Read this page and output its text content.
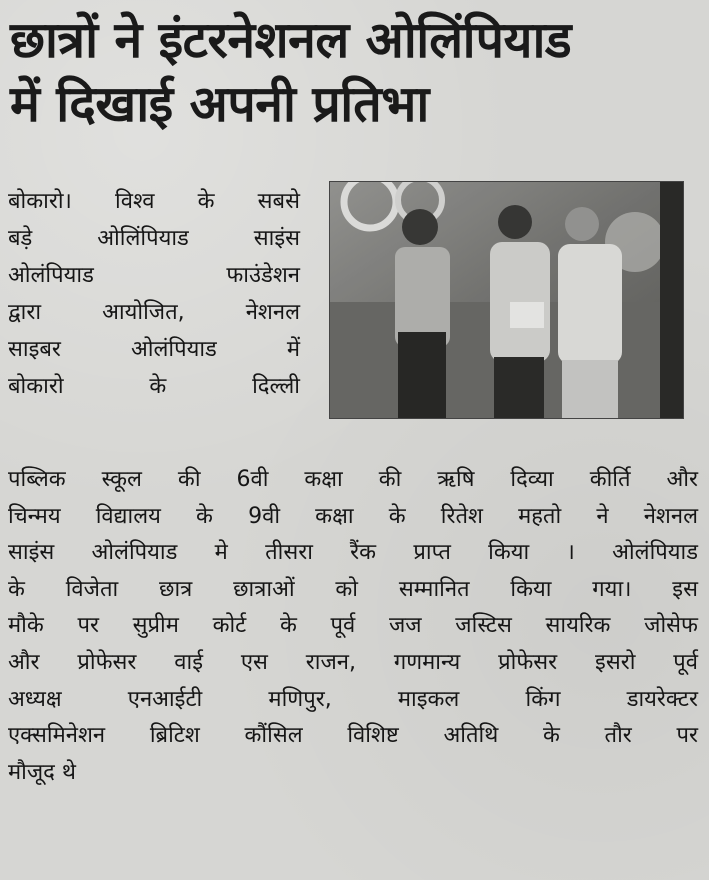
छात्रों ने इंटरनेशनल ओलिंपियाड
में दिखाई अपनी प्रतिभा
बोकारो। विश्व के सबसे
बड़े ओलिंपियाड साइंस
ओलंपियाड फाउंडेशन
द्वारा आयोजित, नेशनल
साइबर ओलंपियाड में
बोकारो के दिल्ली
पब्लिक स्कूल की 6वी कक्षा की ऋषि दिव्या कीर्ति और
चिन्मय विद्यालय के 9वी कक्षा के रितेश महतो ने नेशनल
साइंस ओलंपियाड मे तीसरा रैंक प्राप्त किया । ओलंपियाड
के विजेता छात्र छात्राओं को सम्मानित किया गया। इस
मौके पर सुप्रीम कोर्ट के पूर्व जज जस्टिस सायरिक जोसेफ
और प्रोफेसर वाई एस राजन, गणमान्य प्रोफेसर इसरो पूर्व
अध्यक्ष एनआईटी मणिपुर, माइकल किंग डायरेक्टर
एक्समिनेशन ब्रिटिश कौंसिल विशिष्ट अतिथि के तौर पर
मौजूद थे
